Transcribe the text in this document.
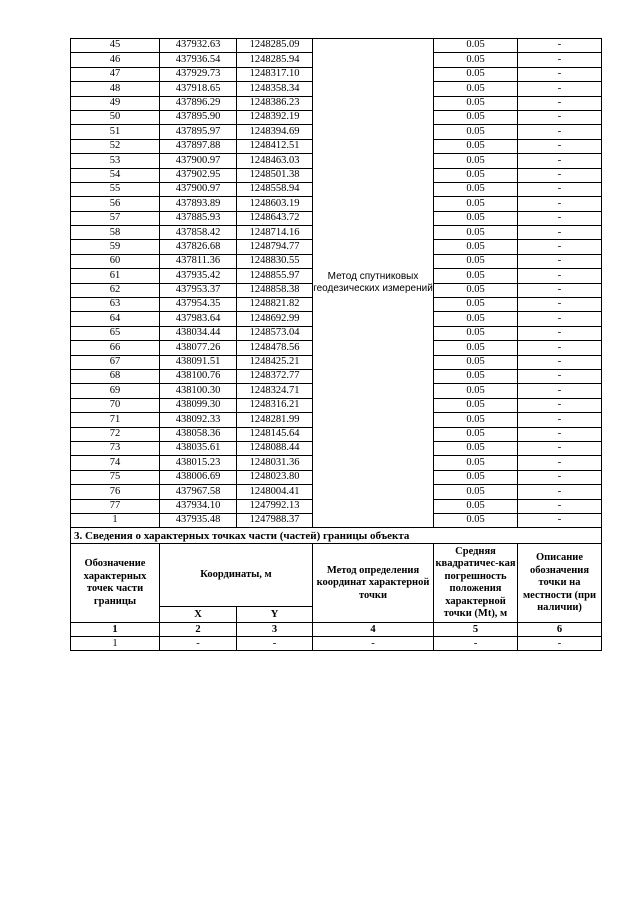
45	437932.63	1248285.09	Метод спутниковых геодезических измерений	0.05	-
46	437936.54	1248285.94		0.05	-
47	437929.73	1248317.10		0.05	-
48	437918.65	1248358.34		0.05	-
49	437896.29	1248386.23		0.05	-
50	437895.90	1248392.19		0.05	-
51	437895.97	1248394.69		0.05	-
52	437897.88	1248412.51		0.05	-
53	437900.97	1248463.03		0.05	-
54	437902.95	1248501.38		0.05	-
55	437900.97	1248558.94		0.05	-
56	437893.89	1248603.19		0.05	-
57	437885.93	1248643.72		0.05	-
58	437858.42	1248714.16		0.05	-
59	437826.68	1248794.77		0.05	-
60	437811.36	1248830.55		0.05	-
61	437935.42	1248855.97		0.05	-
62	437953.37	1248858.38		0.05	-
63	437954.35	1248821.82		0.05	-
64	437983.64	1248692.99		0.05	-
65	438034.44	1248573.04		0.05	-
66	438077.26	1248478.56		0.05	-
67	438091.51	1248425.21		0.05	-
68	438100.76	1248372.77		0.05	-
69	438100.30	1248324.71		0.05	-
70	438099.30	1248316.21		0.05	-
71	438092.33	1248281.99		0.05	-
72	438058.36	1248145.64		0.05	-
73	438035.61	1248088.44		0.05	-
74	438015.23	1248031.36		0.05	-
75	438006.69	1248023.80		0.05	-
76	437967.58	1248004.41		0.05	-
77	437934.10	1247992.13		0.05	-
1	437935.48	1247988.37		0.05	-
3. Сведения о характерных точках части (частей) границы объекта					
Обозначение характерных точек части границы	Координаты, м		Метод определения координат характерной точки	Средняя квадратичес-кая погрешность положения характерной точки (Mt), м	Описание обозначения точки на местности (при наличии)
	X	Y			
1	2	3	4	5	6
1	-	-	-	-	-
